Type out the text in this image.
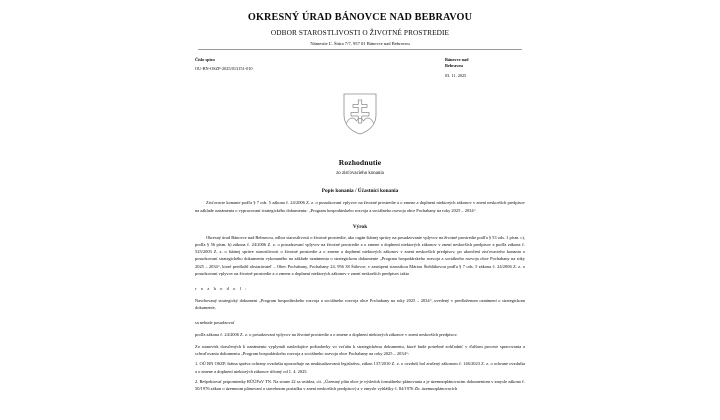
OKRESNÝ ÚRAD BÁNOVCE NAD BEBRAVOU
ODBOR STAROSTLIVOSTI O ŽIVOTNÉ PROSTREDIE
Námestie Ľ. Štúra 7/7, 957 01 Bánovce nad Bebravou
Číslo spisu
OU-BN-OSZP-2025/013151-010
Bánovce nad
Bebravou
03. 11. 2025
Rozhodnutie
zo zisťovacieho konania
Popis konania / Účastníci konania

Zisťovacie konanie podľa § 7 ods. 5 zákona č. 24/2006 Z. z. o posudzovaní vplyvov na životné prostredie a o zmene a doplnení niektorých zákonov v znení neskorších predpisov na základe oznámenia o vypracovaní strategického dokumentu: „Program hospodárskeho rozvoja a sociálneho rozvoja obce Pochabany na roky 2025 – 2034“

Výrok

Okresný úrad Bánovce nad Bebravou, odbor starostlivosti o životné prostredie, ako orgán štátnej správy na posudzovanie vplyvov na životné prostredie podľa § 53 ods. 1 písm. c), podľa § 56 písm. b) zákona č. 24/2006 Z. z. o posudzovaní vplyvov na životné prostredie a o zmene a doplnení niektorých zákonov v znení neskorších predpisov a podľa zákona č. 525/2003 Z. z. o štátnej správe starostlivosti o životné prostredie a o zmene a doplnení niektorých zákonov v znení neskorších predpisov, po ukončení zisťovacieho konania o posudzovaní strategického dokumentu vykonaného na základe oznámenia o strategickom dokumente „Program hospodárskeho rozvoja a sociálneho rozvoja obce Pochabany na roky 2025 – 2034“, ktoré predložil obstarávateľ – Obec Pochabany, Pochabany 24, 956 38 Šúlovce, v zastúpení starostkou Máriou Šteblákovou podľa § 7 ods. 5 zákona č. 24/2006 Z. z. o posudzovaní vplyvov na životné prostredie a o zmene a doplnení niektorých zákonov v znení neskorších predpisov takto

r o z h o d o l :

Navrhovaný strategický dokument „Program hospodárskeho rozvoja a sociálneho rozvoja obce Pochabany na roky 2025 – 2034“, uvedený v predloženom oznámení o strategickom dokumente,

sa nebude posudzovať

podľa zákona č. 24/2006 Z. z. o posudzovaní vplyvov na životné prostredie a o zmene a doplnení niektorých zákonov v znení neskorších predpisov.

Zo stanovísk doručených k oznámeniu vyplynuli nasledujúce požiadavky vo vzťahu k strategickému dokumentu, ktoré bude potrebné zohľadniť v ďalšom procese spracovania a schvaľovania dokumentu „Program hospodárskeho rozvoja a sociálneho rozvoja obce Pochabany na roky 2025 – 2034“:

1. OÚ BN OSZP, štátna správa ochrany ovzdušia upozorňuje na neaktualizovanú legislatívu, zákon 137/2010 Z. z. o ovzduší bol zrušený zákonom č. 146/2023 Z. z. o ochrane ovzdušia a o zmene a doplnení niektorých zákonov účinný od 1. 4. 2025.

2. Rešpektovať pripomienky RÚÚPaV TN. Na strane 22 sa uvádza, cit. „Územný plán obce je výsledok formálneho plánovania a je územnoplánovacím dokumentom v zmysle zákona č. 50/1976 zákon o územnom plánovaní a stavebnom poriadku v znení neskorších predpisov) a v zmysle vyhlášky č. 84/1976 Zb. územnoplánovacích
